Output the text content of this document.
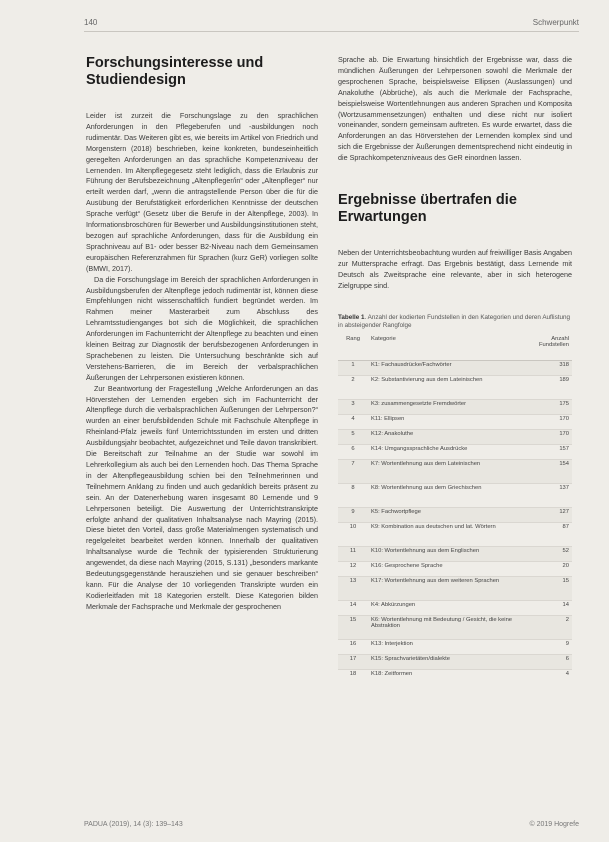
140	Schwerpunkt
Forschungsinteresse und Studiendesign

Leider ist zurzeit die Forschungslage zu den sprachlichen Anforderungen in den Pflegeberufen und -ausbildungen noch rudimentär. Das Weiteren gibt es, wie bereits im Artikel von Friedrich und Morgenstern (2018) beschrieben, keine konkreten, bundeseinheitlich geregelten Anforderungen an das sprachliche Kompetenzniveau der Lernenden. Im Altenpflegegesetz steht lediglich, dass die Erlaubnis zur Führung der Berufsbezeichnung „Altenpfleger/in“ oder „Altenpfleger“ nur erteilt werden darf, „wenn die antragstellende Person über die für die Ausübung der Berufstätigkeit erforderlichen Kenntnisse der deutschen Sprache verfügt“ (Gesetz über die Berufe in der Altenpflege, 2003). In Informationsbroschüren für Bewerber und Ausbildungsinstitutionen steht, bezogen auf sprachliche Anforderungen, dass für die Ausbildung ein Sprachniveau auf B1- oder besser B2-Niveau nach dem Gemeinsamen europäischen Referenzrahmen für Sprachen (kurz GeR) vorliegen sollte (BMWI, 2017).

Da die Forschungslage im Bereich der sprachlichen Anforderungen in Ausbildungsberufen der Altenpflege jedoch rudimentär ist, können diese Empfehlungen nicht wissenschaftlich fundiert begründet werden. Im Rahmen meiner Masterarbeit zum Abschluss des Lehramtsstudienganges bot sich die Möglichkeit, die sprachlichen Anforderungen im Fachunterricht der Altenpflege zu beachten und einen kleinen Beitrag zur Diagnostik der berufsbezogenen Anforderungen in Sprachebenen zu leisten. Die Untersuchung beschränkte sich auf Verstehens-Barrieren, die im Bereich der verbalsprachlichen Äußerungen der Lehrpersonen existieren können.

Zur Beantwortung der Fragestellung „Welche Anforderungen an das Hörverstehen der Lernenden ergeben sich im Fachunterricht der Altenpflege durch die verbalsprachlichen Äußerungen der Lehrperson?“ wurden an einer berufsbildenden Schule mit Fachschule Altenpflege in Rheinland-Pfalz jeweils fünf Unterrichtsstunden im ersten und dritten Ausbildungsjahr beobachtet, aufgezeichnet und Teile davon transkribiert. Die Bereitschaft zur Teilnahme an der Studie war sowohl im Lehrerkollegium als auch bei den Lernenden hoch. Das Thema Sprache in der Altenpflegeausbildung schien bei den Teilnehmerinnen und Teilnehmern Anklang zu finden und auch gedanklich bereits präsent zu sein. An der Datenerhebung waren insgesamt 80 Lernende und 9 Lehrpersonen beteiligt. Die Auswertung der Unterrichtstranskripte erfolgte anhand der qualitativen Inhaltsanalyse nach Mayring (2015). Diese bietet den Vorteil, dass große Materialmengen systematisch und regelgeleitet bearbeitet werden können. Innerhalb der qualitativen Inhaltsanalyse wurde die Technik der typisierenden Strukturierung angewendet, da diese nach Mayring (2015, S.131) „besonders markante Bedeutungsgegenstände herausziehen und sie genauer beschreiben“ kann. Für die Analyse der 10 vorliegenden Transkripte wurden ein Kodierleitfaden mit 18 Kategorien erstellt. Diese Kategorien bilden Merkmale der Fachsprache und Merkmale der gesprochenen

Sprache ab. Die Erwartung hinsichtlich der Ergebnisse war, dass die mündlichen Äußerungen der Lehrpersonen sowohl die Merkmale der gesprochenen Sprache, beispielsweise Ellipsen (Auslassungen) und Anakoluthe (Abbrüche), als auch die Merkmale der Fachsprache, beispielsweise Wortentlehnungen aus anderen Sprachen und Komposita (Wortzusammensetzungen) enthalten und diese nicht nur isoliert voneinander, sondern gemeinsam auftreten. Es wurde erwartet, dass die Anforderungen an das Hörverstehen der Lernenden komplex sind und sich die Ergebnisse der Äußerungen dementsprechend nicht eindeutig in die Sprachkompetenzniveaus des GeR einordnen lassen.

Ergebnisse übertrafen die Erwartungen

Neben der Unterrichtsbeobachtung wurden auf freiwilliger Basis Angaben zur Muttersprache erfragt. Das Ergebnis bestätigt, dass Lernende mit Deutsch als Zweitsprache eine relevante, aber in sich heterogene Zielgruppe sind.

Tabelle 1. Anzahl der kodierten Fundstellen in den Kategorien und deren Auflistung in absteigender Rangfolge
Rang	Kategorie	Anzahl Fundstellen
1	K1: Fachausdrücke/Fachwörter	318
2	K2: Substantivierung aus dem Lateinischen	189
3	K3: zusammengesetzte Fremdwörter	175
4	K11: Ellipsen	170
5	K12: Anakoluthe	170
6	K14: Umgangssprachliche Ausdrücke	157
7	K7: Wortentlehnung aus dem Lateinischen	154
8	K8: Wortentlehnung aus dem Griechischen	137
9	K5: Fachwortpflege	127
10	K9: Kombination aus deutschen und lat. Wörtern	87
11	K10: Wortentlehnung aus dem Englischen	52
12	K16: Gesprochene Sprache	20
13	K17: Wortentlehnung aus dem weiteren Sprachen	15
14	K4: Abkürzungen	14
15	K6: Wortentlehnung mit Bedeutung / Gesicht, die keine Abstraktion	2
16	K13: Interjektion	9
17	K15: Sprachvarietäten/dialekte	6
18	K18: Zeitformen	4
PADUA (2019), 14 (3): 139–143	© 2019 Hogrefe
